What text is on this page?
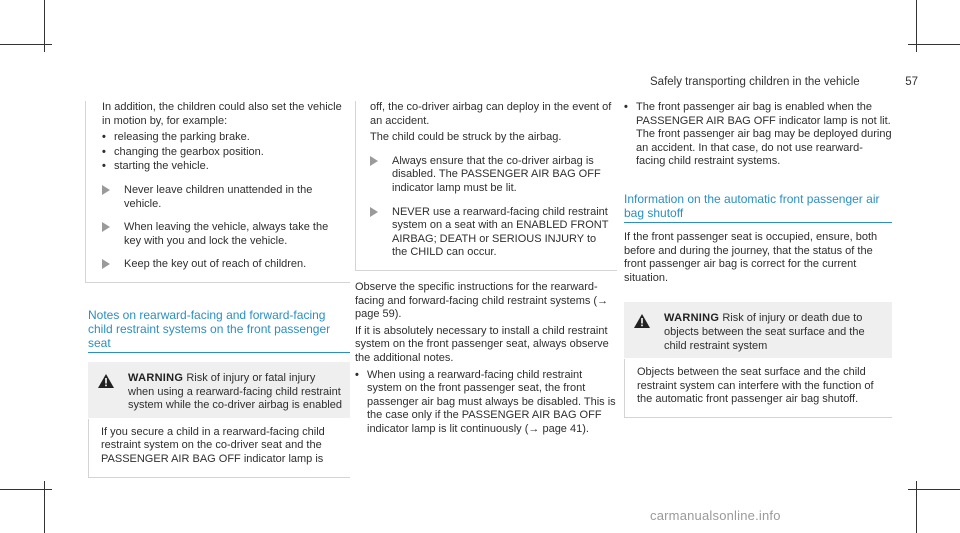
Safely transporting children in the vehicle	57

In addition, the children could also set the vehicle in motion by, for example:

• releasing the parking brake.
• changing the gearbox position.
• starting the vehicle.
Never leave children unattended in the vehicle.
When leaving the vehicle, always take the key with you and lock the vehicle.
Keep the key out of reach of children.
Notes on rearward-facing and forward-facing child restraint systems on the front passenger seat
WARNING Risk of injury or fatal injury when using a rearward-facing child restraint system while the co-driver airbag is enabled
If you secure a child in a rearward-facing child restraint system on the co-driver seat and the PASSENGER AIR BAG OFF indicator lamp is

off, the co-driver airbag can deploy in the event of an accident.

The child could be struck by the airbag.

Always ensure that the co-driver airbag is disabled. The PASSENGER AIR BAG OFF indicator lamp must be lit.
NEVER use a rearward-facing child restraint system on a seat with an ENABLED FRONT AIRBAG; DEATH or SERIOUS INJURY to the CHILD can occur.

Observe the specific instructions for the rearward-facing and forward-facing child restraint systems (→ page 59).

If it is absolutely necessary to install a child restraint system on the front passenger seat, always observe the additional notes.

• When using a rearward-facing child restraint system on the front passenger seat, the front passenger air bag must always be disabled. This is the case only if the PASSENGER AIR BAG OFF indicator lamp is lit continuously (→ page 41).
• The front passenger air bag is enabled when the PASSENGER AIR BAG OFF indicator lamp is not lit. The front passenger air bag may be deployed during an accident. In that case, do not use rearward-facing child restraint systems.
Information on the automatic front passenger air bag shutoff

If the front passenger seat is occupied, ensure, both before and during the journey, that the status of the front passenger air bag is correct for the current situation.

WARNING Risk of injury or death due to objects between the seat surface and the child restraint system
Objects between the seat surface and the child restraint system can interfere with the function of the automatic front passenger air bag shutoff.
carmanualsonline.info
